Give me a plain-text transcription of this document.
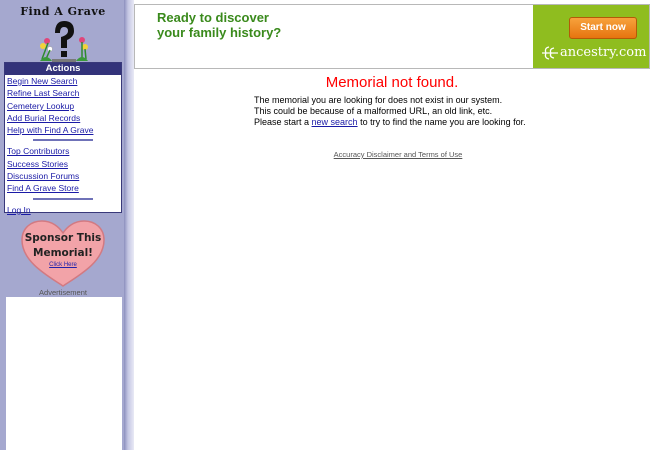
Find A Grave
Actions
Begin New Search
Refine Last Search
Cemetery Lookup
Add Burial Records
Help with Find A Grave
Top Contributors
Success Stories
Discussion Forums
Find A Grave Store
Log In
Sponsor This
Memorial!
Click Here
Advertisement
Ready to discover
your family history?	Start now
ancestry.com
Memorial not found.

The memorial you are looking for does not exist in our system.

This could be because of a malformed URL, an old link, etc.

Please start a new search to try to find the name you are looking for.

Accuracy Disclaimer and Terms of Use
